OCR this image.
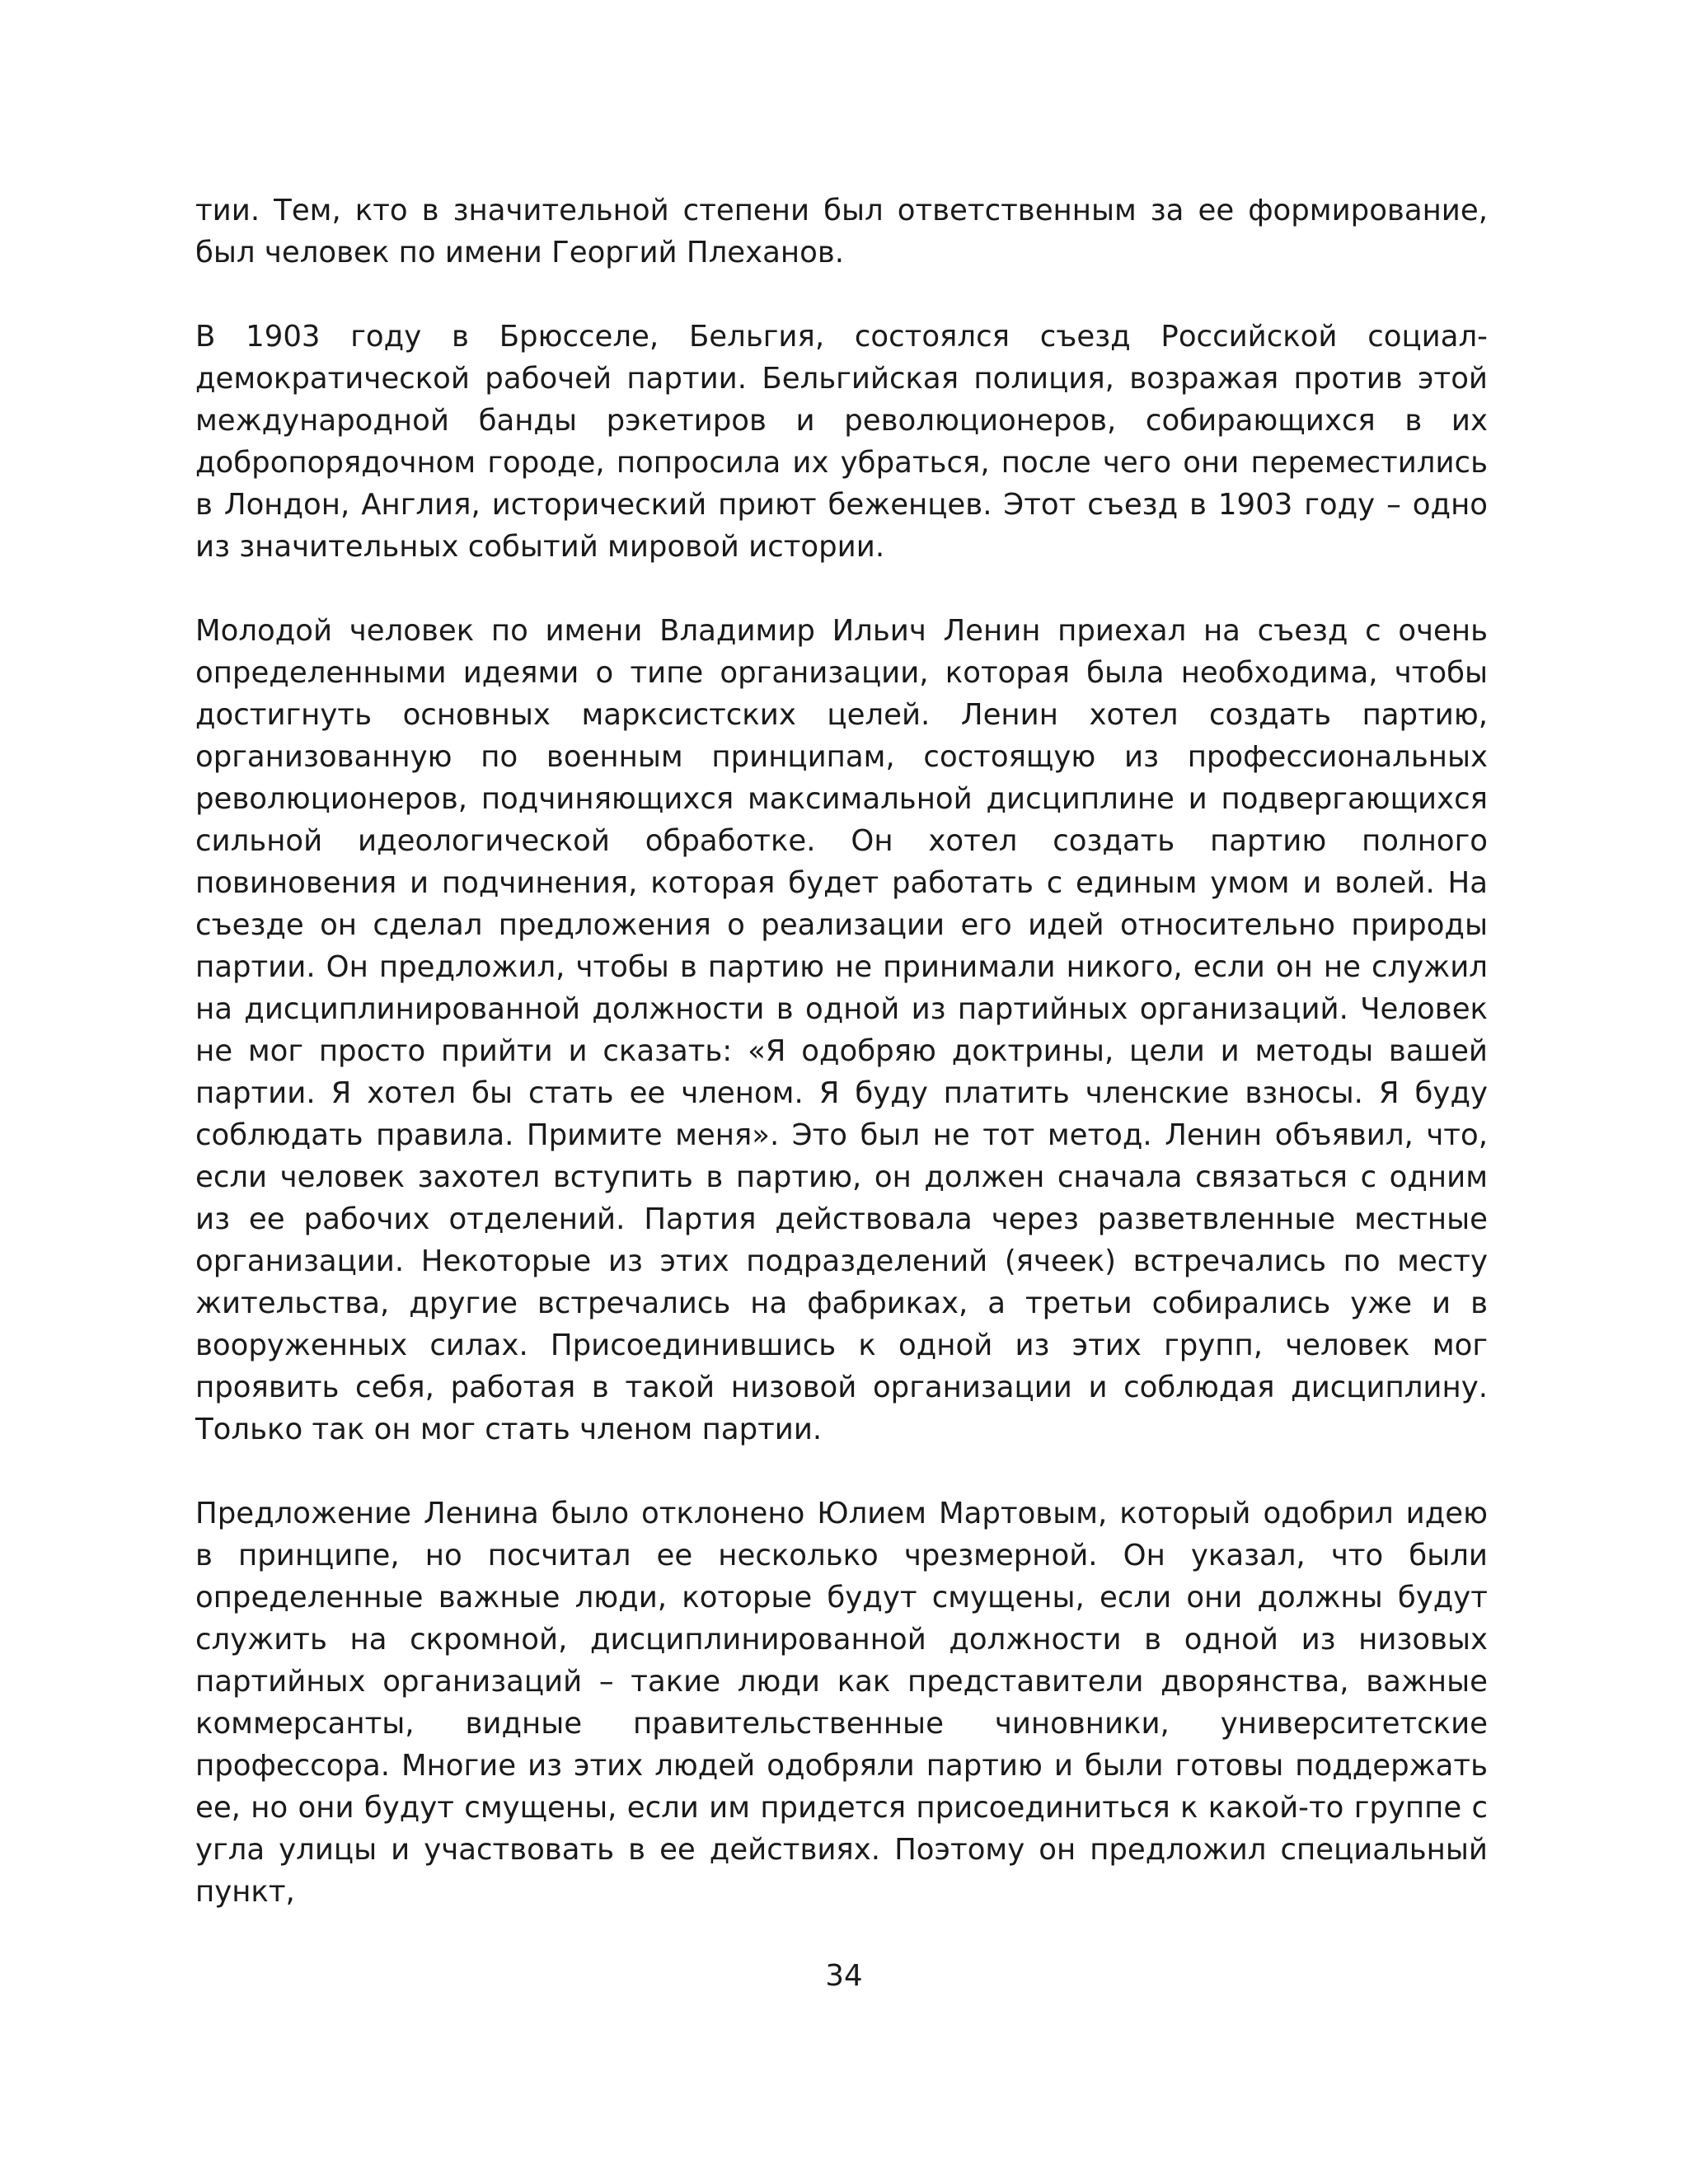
тии. Тем, кто в значительной степени был ответственным за ее формирование, был человек по имени Георгий Плеханов.

В 1903 году в Брюсселе, Бельгия, состоялся съезд Российской социал-демократической рабочей партии. Бельгийская полиция, возражая против этой международной банды рэкетиров и революционеров, собирающихся в их добропорядочном городе, попросила их убраться, после чего они переместились в Лондон, Англия, исторический приют беженцев. Этот съезд в 1903 году – одно из значительных событий мировой истории.

Молодой человек по имени Владимир Ильич Ленин приехал на съезд с очень определенными идеями о типе организации, которая была необходима, чтобы достигнуть основных марксистских целей. Ленин хотел создать партию, организованную по военным принципам, состоящую из профессиональных революционеров, подчиняющихся максимальной дисциплине и подвергающихся сильной идеологической обработке. Он хотел создать партию полного повиновения и подчинения, которая будет работать с единым умом и волей. На съезде он сделал предложения о реализации его идей относительно природы партии. Он предложил, чтобы в партию не принимали никого, если он не служил на дисциплинированной должности в одной из партийных организаций. Человек не мог просто прийти и сказать: «Я одобряю доктрины, цели и методы вашей партии. Я хотел бы стать ее членом. Я буду платить членские взносы. Я буду соблюдать правила. Примите меня». Это был не тот метод. Ленин объявил, что, если человек захотел вступить в партию, он должен сначала связаться с одним из ее рабочих отделений. Партия действовала через разветвленные местные организации. Некоторые из этих подразделений (ячеек) встречались по месту жительства, другие встречались на фабриках, а третьи собирались уже и в вооруженных силах. Присоединившись к одной из этих групп, человек мог проявить себя, работая в такой низовой организации и соблюдая дисциплину. Только так он мог стать членом партии.

Предложение Ленина было отклонено Юлием Мартовым, который одобрил идею в принципе, но посчитал ее несколько чрезмерной. Он указал, что были определенные важные люди, которые будут смущены, если они должны будут служить на скромной, дисциплинированной должности в одной из низовых партийных организаций – такие люди как представители дворянства, важные коммерсанты, видные правительственные чиновники, университетские профессора. Многие из этих людей одобряли партию и были готовы поддержать ее, но они будут смущены, если им придется присоединиться к какой-то группе с угла улицы и участвовать в ее действиях. Поэтому он предложил специальный пункт,

34
